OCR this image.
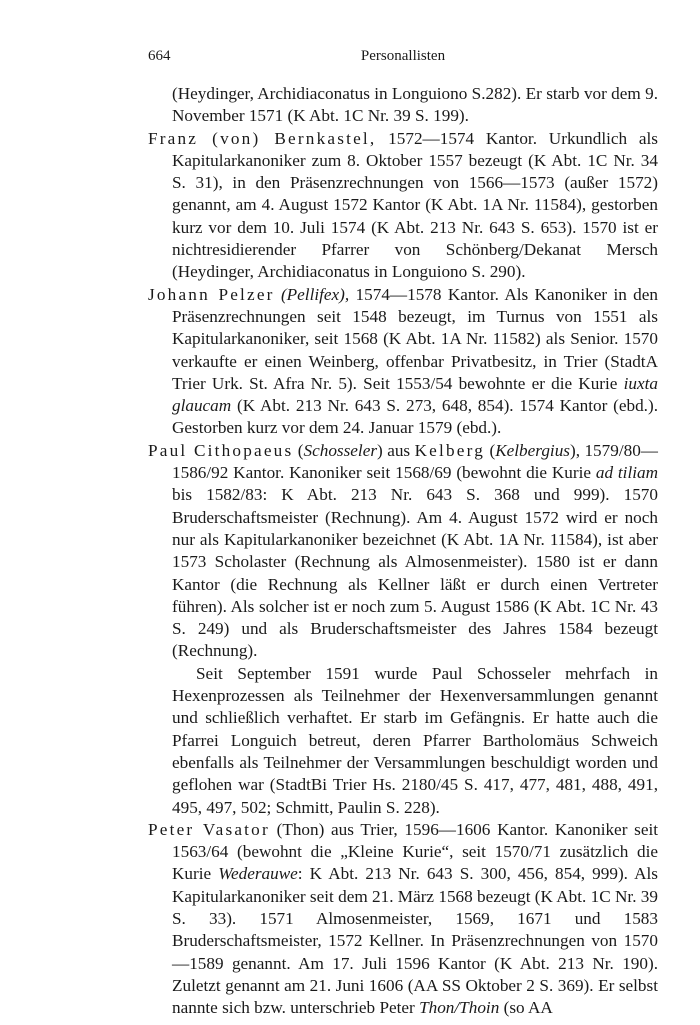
664	Personallisten

(Heydinger, Archidiaconatus in Longuiono S.282). Er starb vor dem 9. November 1571 (K Abt. 1C Nr. 39 S. 199).

Franz (von) Bernkastel, 1572—1574 Kantor. Urkundlich als Kapitularkanoniker zum 8. Oktober 1557 bezeugt (K Abt. 1C Nr. 34 S. 31), in den Präsenzrechnungen von 1566—1573 (außer 1572) genannt, am 4. August 1572 Kantor (K Abt. 1A Nr. 11584), gestorben kurz vor dem 10. Juli 1574 (K Abt. 213 Nr. 643 S. 653). 1570 ist er nichtresidierender Pfarrer von Schönberg/Dekanat Mersch (Heydinger, Archidiaconatus in Longuiono S. 290).

Johann Pelzer (Pellifex), 1574—1578 Kantor. Als Kanoniker in den Präsenzrechnungen seit 1548 bezeugt, im Turnus von 1551 als Kapitularkanoniker, seit 1568 (K Abt. 1A Nr. 11582) als Senior. 1570 verkaufte er einen Weinberg, offenbar Privatbesitz, in Trier (StadtA Trier Urk. St. Afra Nr. 5). Seit 1553/54 bewohnte er die Kurie iuxta glaucam (K Abt. 213 Nr. 643 S. 273, 648, 854). 1574 Kantor (ebd.). Gestorben kurz vor dem 24. Januar 1579 (ebd.).

Paul Cithopaeus (Schosseler) aus Kelberg (Kelbergius), 1579/80—1586/92 Kantor. Kanoniker seit 1568/69 (bewohnt die Kurie ad tiliam bis 1582/83: K Abt. 213 Nr. 643 S. 368 und 999). 1570 Bruderschaftsmeister (Rechnung). Am 4. August 1572 wird er noch nur als Kapitularkanoniker bezeichnet (K Abt. 1A Nr. 11584), ist aber 1573 Scholaster (Rechnung als Almosenmeister). 1580 ist er dann Kantor (die Rechnung als Kellner läßt er durch einen Vertreter führen). Als solcher ist er noch zum 5. August 1586 (K Abt. 1C Nr. 43 S. 249) und als Bruderschaftsmeister des Jahres 1584 bezeugt (Rechnung).

Seit September 1591 wurde Paul Schosseler mehrfach in Hexenprozessen als Teilnehmer der Hexenversammlungen genannt und schließlich verhaftet. Er starb im Gefängnis. Er hatte auch die Pfarrei Longuich betreut, deren Pfarrer Bartholomäus Schweich ebenfalls als Teilnehmer der Versammlungen beschuldigt worden und geflohen war (StadtBi Trier Hs. 2180/45 S. 417, 477, 481, 488, 491, 495, 497, 502; Schmitt, Paulin S. 228).

Peter Vasator (Thon) aus Trier, 1596—1606 Kantor. Kanoniker seit 1563/64 (bewohnt die „Kleine Kurie“, seit 1570/71 zusätzlich die Kurie Wederauwe: K Abt. 213 Nr. 643 S. 300, 456, 854, 999). Als Kapitularkanoniker seit dem 21. März 1568 bezeugt (K Abt. 1C Nr. 39 S. 33). 1571 Almosenmeister, 1569, 1671 und 1583 Bruderschaftsmeister, 1572 Kellner. In Präsenzrechnungen von 1570—1589 genannt. Am 17. Juli 1596 Kantor (K Abt. 213 Nr. 190). Zuletzt genannt am 21. Juni 1606 (AA SS Oktober 2 S. 369). Er selbst nannte sich bzw. unterschrieb Peter Thon/Thoin (so AA
